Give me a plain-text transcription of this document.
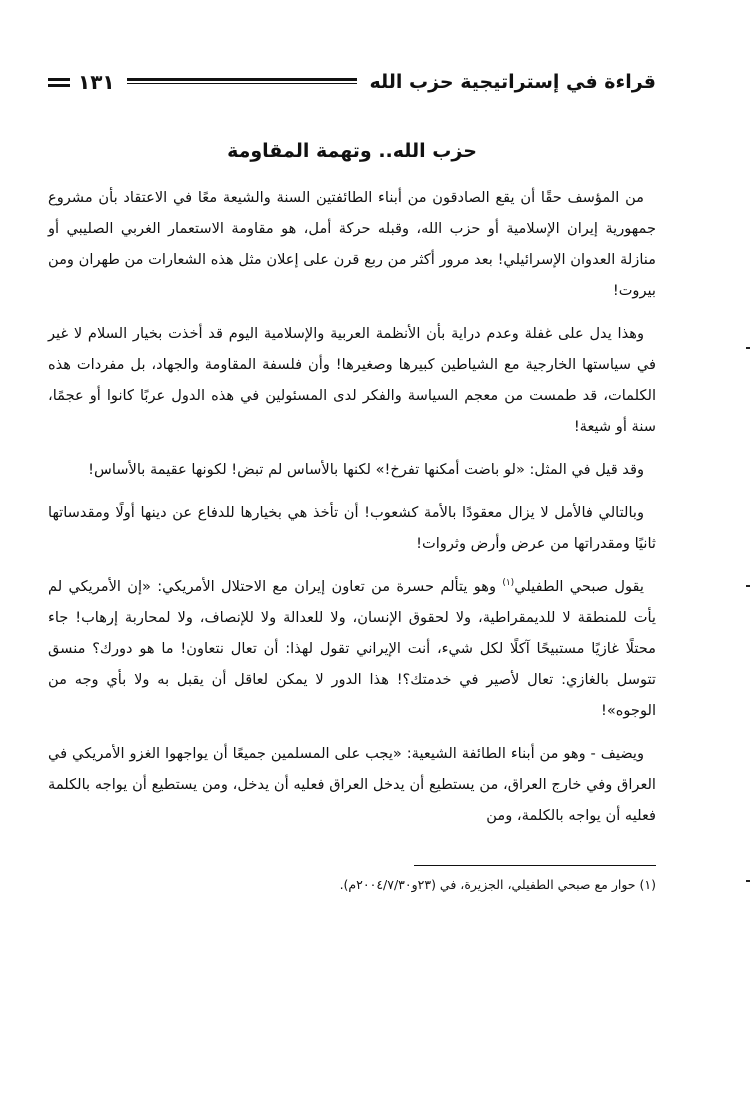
قراءة في إستراتيجية حزب الله
١٣١
حزب الله.. وتهمة المقاومة

من المؤسف حقًا أن يقع الصادقون من أبناء الطائفتين السنة والشيعة معًا في الاعتقاد بأن مشروع جمهورية إيران الإسلامية أو حزب الله، وقبله حركة أمل، هو مقاومة الاستعمار الغربي الصليبي أو منازلة العدوان الإسرائيلي! بعد مرور أكثر من ربع قرن على إعلان مثل هذه الشعارات من طهران ومن بيروت!

وهذا يدل على غفلة وعدم دراية بأن الأنظمة العربية والإسلامية اليوم قد أخذت بخيار السلام لا غير في سياستها الخارجية مع الشياطين كبيرها وصغيرها! وأن فلسفة المقاومة والجهاد، بل مفردات هذه الكلمات، قد طمست من معجم السياسة والفكر لدى المسئولين في هذه الدول عربًا كانوا أو عجمًا، سنة أو شيعة!

وقد قيل في المثل: «لو باضت أمكنها تفرخ!» لكنها بالأساس لم تبض! لكونها عقيمة بالأساس!

وبالتالي فالأمل لا يزال معقودًا بالأمة كشعوب! أن تأخذ هي بخيارها للدفاع عن دينها أولًا ومقدساتها ثانيًا ومقدراتها من عرض وأرض وثروات!

يقول صبحي الطفيلي$^{(١)}$ وهو يتألم حسرة من تعاون إيران مع الاحتلال الأمريكي: «إن الأمريكي لم يأت للمنطقة لا للديمقراطية، ولا لحقوق الإنسان، ولا للعدالة ولا للإنصاف، ولا لمحاربة إرهاب! جاء محتلًا غازيًا مستبيحًا آكلًا لكل شيء، أنت الإيراني تقول لهذا: أن تعال نتعاون! ما هو دورك؟ منسق تتوسل بالغازي: تعال لأصير في خدمتك؟! هذا الدور لا يمكن لعاقل أن يقبل به ولا بأي وجه من الوجوه»!

ويضيف - وهو من أبناء الطائفة الشيعية: «يجب على المسلمين جميعًا أن يواجهوا الغزو الأمريكي في العراق وفي خارج العراق، من يستطيع أن يدخل العراق فعليه أن يدخل، ومن يستطيع أن يواجه بالكلمة فعليه أن يواجه بالكلمة، ومن

(١) حوار مع صبحي الطفيلي، الجزيرة، في (٢٣و٢٠٠٤/٧/٣٠م).
